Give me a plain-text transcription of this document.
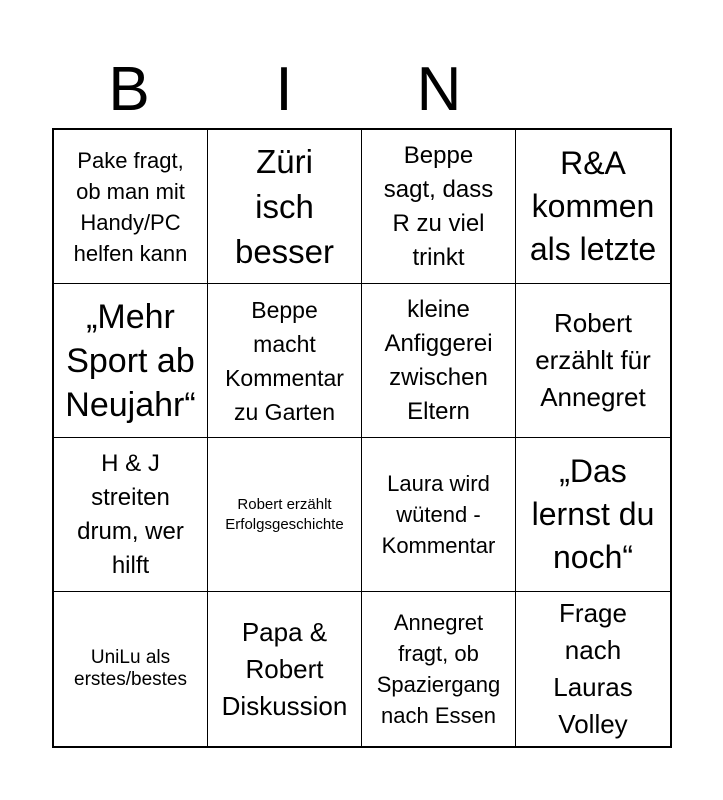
B	I	N
Pake fragt,
ob man mit
Handy/PC
helfen kann
Züri
isch
besser
Beppe
sagt, dass
R zu viel
trinkt
R&A
kommen
als letzte
„Mehr
Sport ab
Neujahr“
Beppe
macht
Kommentar
zu Garten
kleine
Anfiggerei
zwischen
Eltern
Robert
erzählt für
Annegret
H & J
streiten
drum, wer
hilft
Robert erzählt
Erfolgsgeschichte
Laura wird
wütend -
Kommentar
„Das
lernst du
noch“
UniLu als
erstes/bestes
Papa &
Robert
Diskussion
Annegret
fragt, ob
Spaziergang
nach Essen
Frage
nach
Lauras
Volley
